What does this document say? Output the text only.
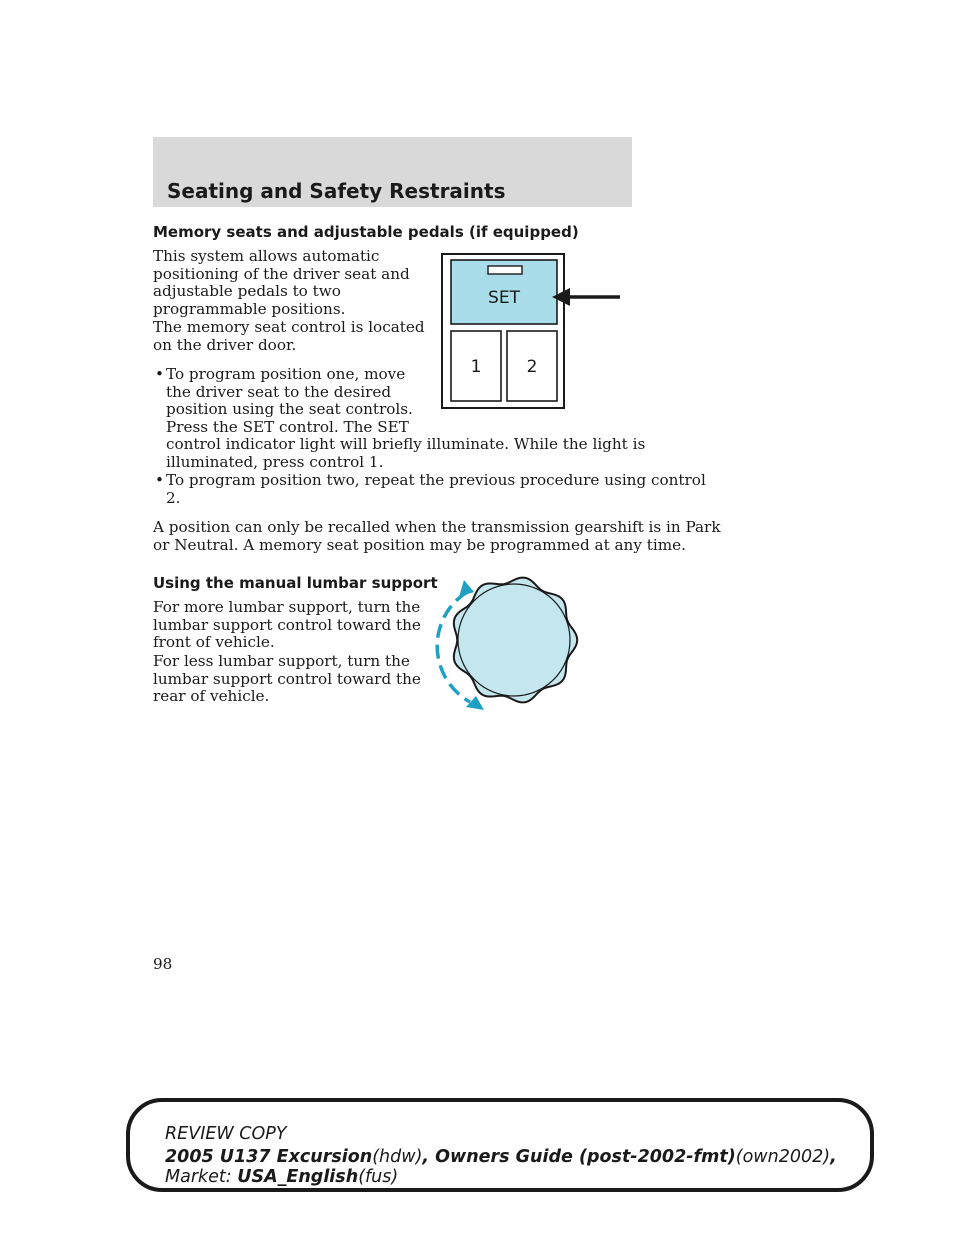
Seating and Safety Restraints
Memory seats and adjustable pedals (if equipped)

This system allows automatic
positioning of the driver seat and
adjustable pedals to two
programmable positions.

The memory seat control is located
on the driver door.

• To program position one, move
the driver seat to the desired
position using the seat controls.
Press the SET control. The SET
control indicator light will briefly illuminate. While the light is
illuminated, press control 1.
• To program position two, repeat the previous procedure using control
2.

A position can only be recalled when the transmission gearshift is in Park
or Neutral. A memory seat position may be programmed at any time.

SET
1	2
Using the manual lumbar support

For more lumbar support, turn the
lumbar support control toward the
front of vehicle.

For less lumbar support, turn the
lumbar support control toward the
rear of vehicle.

98

REVIEW COPY

2005 U137 Excursion(hdw), Owners Guide (post-2002-fmt)(own2002),

Market: USA_English(fus)
